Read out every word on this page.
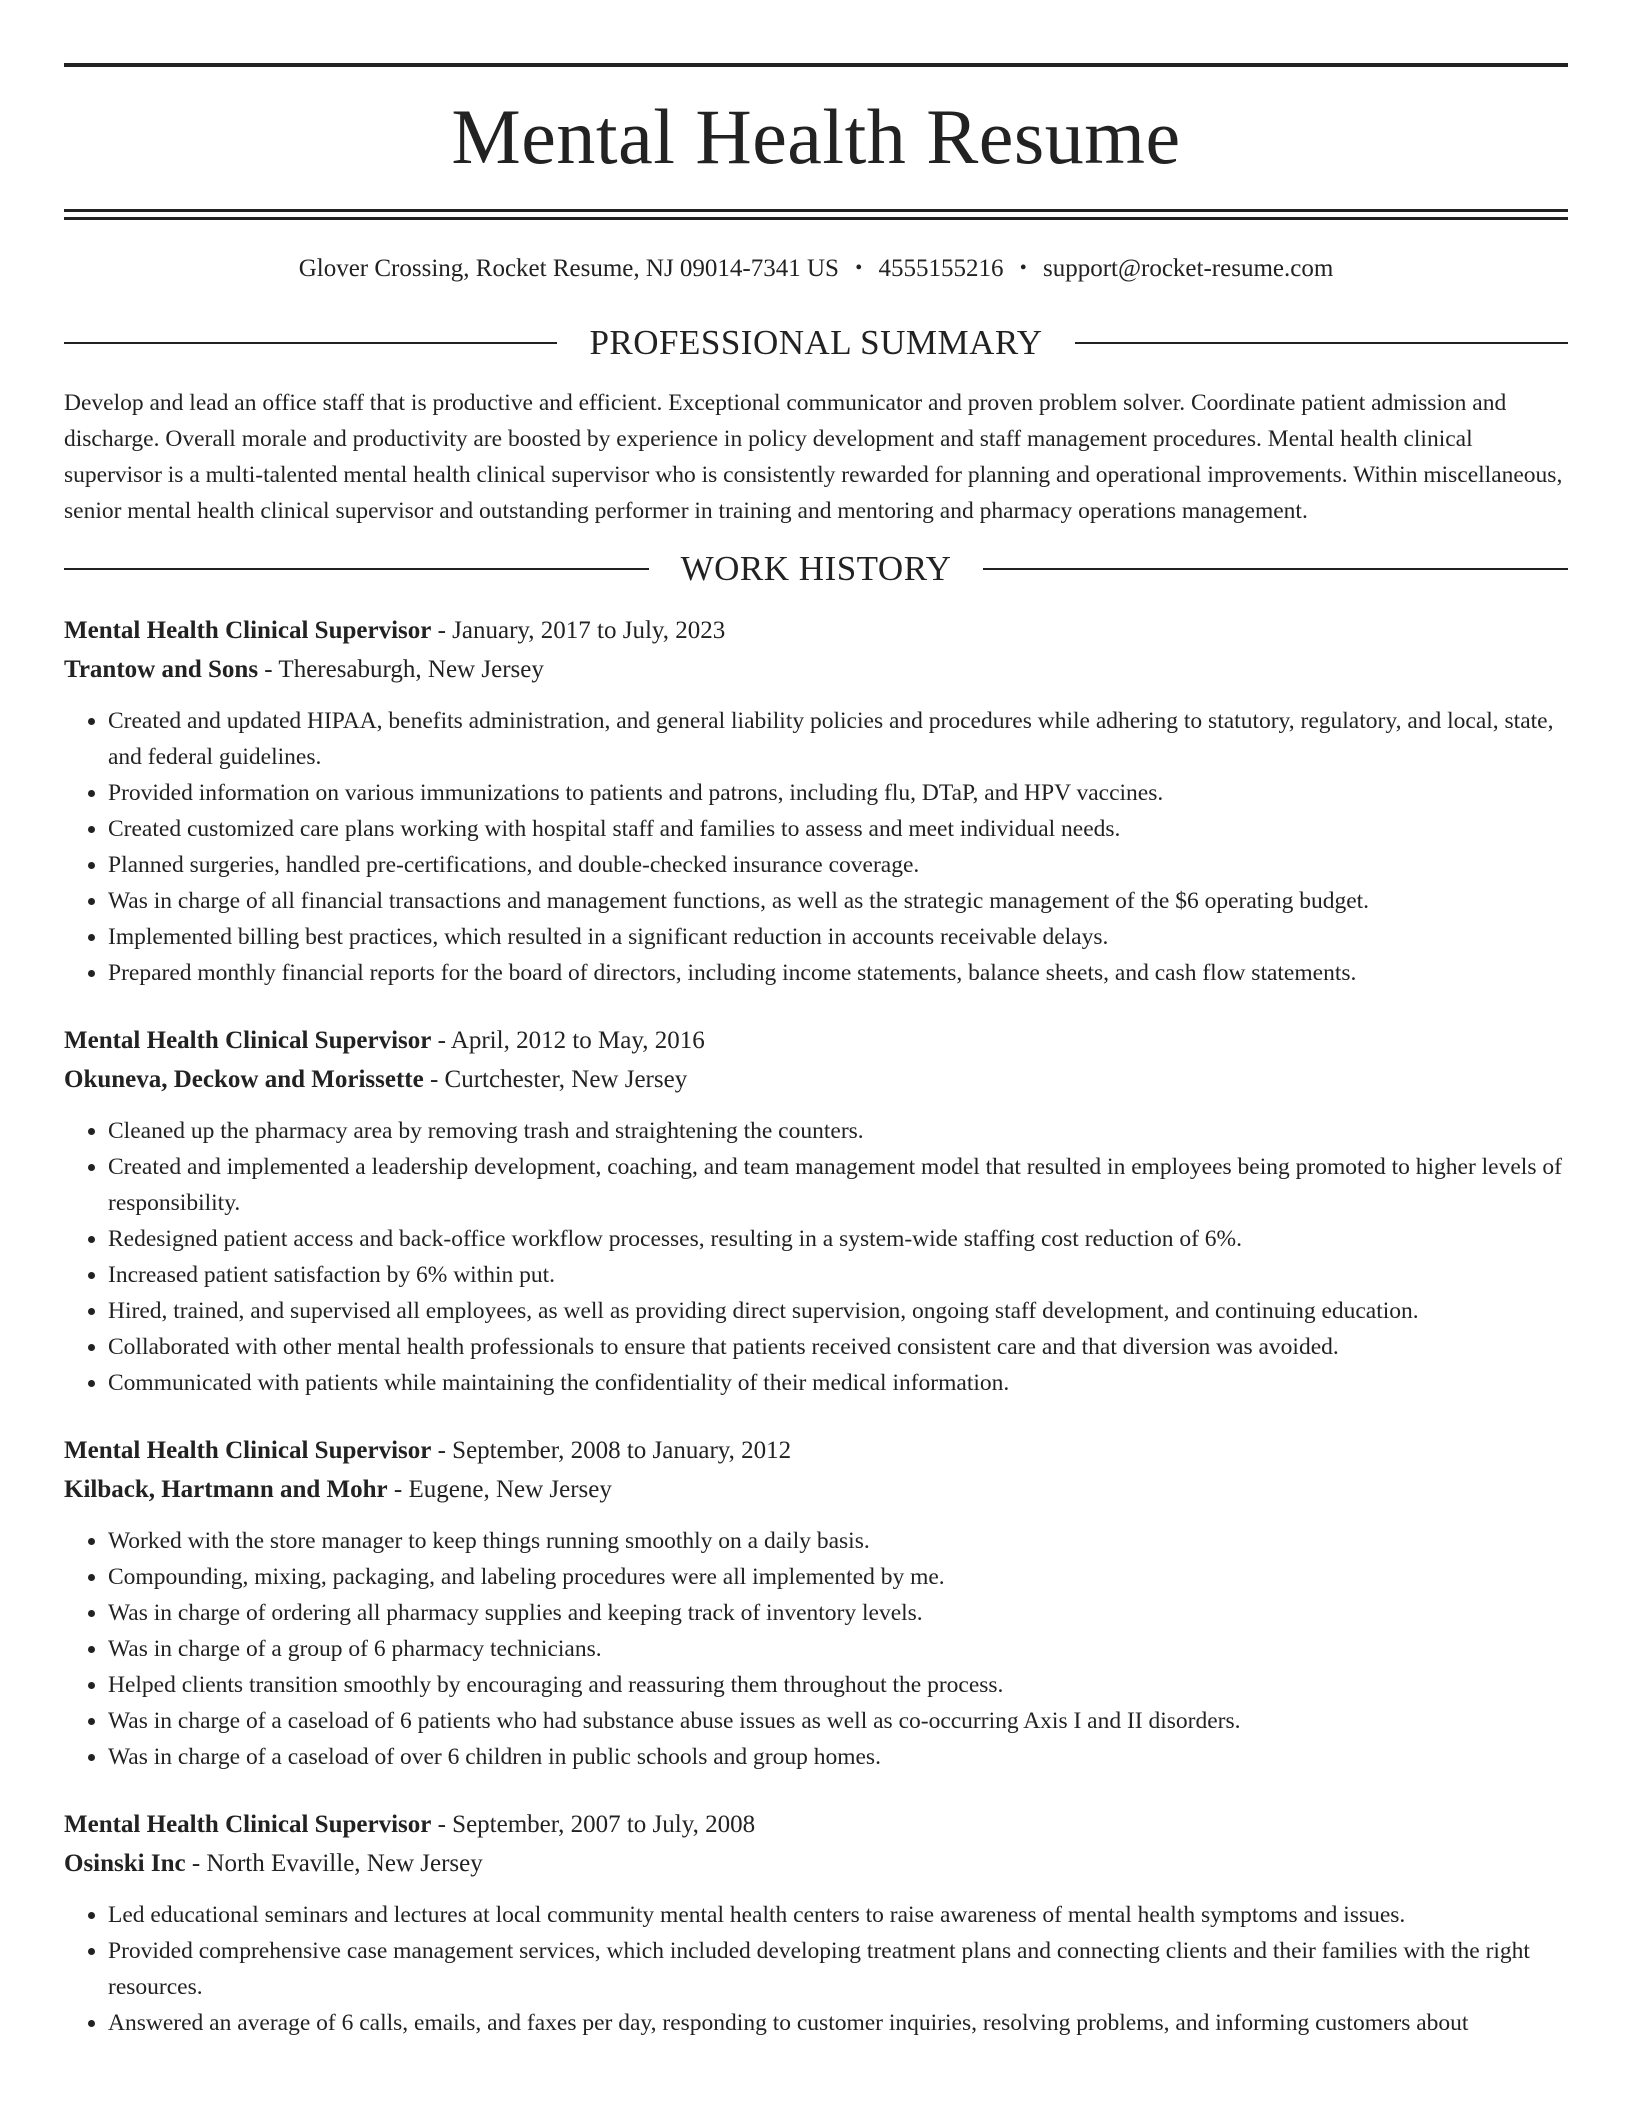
Mental Health Resume
Glover Crossing, Rocket Resume, NJ 09014-7341 US • 4555155216 • support@rocket-resume.com
PROFESSIONAL SUMMARY
Develop and lead an office staff that is productive and efficient. Exceptional communicator and proven problem solver. Coordinate patient admission and discharge. Overall morale and productivity are boosted by experience in policy development and staff management procedures. Mental health clinical supervisor is a multi-talented mental health clinical supervisor who is consistently rewarded for planning and operational improvements. Within miscellaneous, senior mental health clinical supervisor and outstanding performer in training and mentoring and pharmacy operations management.
WORK HISTORY
Mental Health Clinical Supervisor - January, 2017 to July, 2023
Trantow and Sons - Theresaburgh, New Jersey
• Created and updated HIPAA, benefits administration, and general liability policies and procedures while adhering to statutory, regulatory, and local, state, and federal guidelines.
• Provided information on various immunizations to patients and patrons, including flu, DTaP, and HPV vaccines.
• Created customized care plans working with hospital staff and families to assess and meet individual needs.
• Planned surgeries, handled pre-certifications, and double-checked insurance coverage.
• Was in charge of all financial transactions and management functions, as well as the strategic management of the $6 operating budget.
• Implemented billing best practices, which resulted in a significant reduction in accounts receivable delays.
• Prepared monthly financial reports for the board of directors, including income statements, balance sheets, and cash flow statements.
Mental Health Clinical Supervisor - April, 2012 to May, 2016
Okuneva, Deckow and Morissette - Curtchester, New Jersey
• Cleaned up the pharmacy area by removing trash and straightening the counters.
• Created and implemented a leadership development, coaching, and team management model that resulted in employees being promoted to higher levels of responsibility.
• Redesigned patient access and back-office workflow processes, resulting in a system-wide staffing cost reduction of 6%.
• Increased patient satisfaction by 6% within put.
• Hired, trained, and supervised all employees, as well as providing direct supervision, ongoing staff development, and continuing education.
• Collaborated with other mental health professionals to ensure that patients received consistent care and that diversion was avoided.
• Communicated with patients while maintaining the confidentiality of their medical information.
Mental Health Clinical Supervisor - September, 2008 to January, 2012
Kilback, Hartmann and Mohr - Eugene, New Jersey
• Worked with the store manager to keep things running smoothly on a daily basis.
• Compounding, mixing, packaging, and labeling procedures were all implemented by me.
• Was in charge of ordering all pharmacy supplies and keeping track of inventory levels.
• Was in charge of a group of 6 pharmacy technicians.
• Helped clients transition smoothly by encouraging and reassuring them throughout the process.
• Was in charge of a caseload of 6 patients who had substance abuse issues as well as co-occurring Axis I and II disorders.
• Was in charge of a caseload of over 6 children in public schools and group homes.
Mental Health Clinical Supervisor - September, 2007 to July, 2008
Osinski Inc - North Evaville, New Jersey
• Led educational seminars and lectures at local community mental health centers to raise awareness of mental health symptoms and issues.
• Provided comprehensive case management services, which included developing treatment plans and connecting clients and their families with the right resources.
• Answered an average of 6 calls, emails, and faxes per day, responding to customer inquiries, resolving problems, and informing customers about
